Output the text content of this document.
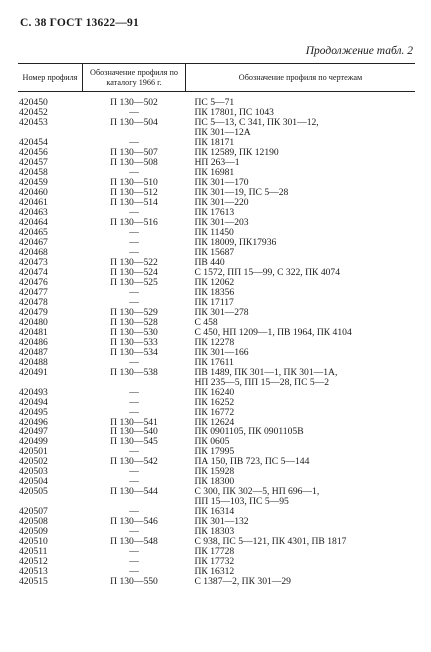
С. 38 ГОСТ 13622—91
Продолжение табл. 2
Номер профиля	Обозначение профиля по каталогу 1966 г.	Обозначение профиля по чертежам
420450	П 130—502	ПС 5—71
420452	—	ПК 17801, ПС 1043
420453	П 130—504	ПС 5—13, С 341, ПК 301—12,
		ПК 301—12А
420454	—	ПК 18171
420456	П 130—507	ПК 12589, ПК 12190
420457	П 130—508	НП 263—1
420458	—	ПК 16981
420459	П 130—510	ПК 301—170
420460	П 130—512	ПК 301—19, ПС 5—28
420461	П 130—514	ПК 301—220
420463	—	ПК 17613
420464	П 130—516	ПК 301—203
420465	—	ПК 11450
420467	—	ПК 18009, ПК17936
420468	—	ПК 15687
420473	П 130—522	ПВ 440
420474	П 130—524	С 1572, ПП 15—99, С 322, ПК 4074
420476	П 130—525	ПК 12062
420477	—	ПК 18356
420478	—	ПК 17117
420479	П 130—529	ПК 301—278
420480	П 130—528	С 458
420481	П 130—530	С 450, НП 1209—1, ПВ 1964, ПК 4104
420486	П 130—533	ПК 12278
420487	П 130—534	ПК 301—166
420488	—	ПК 17611
420491	П 130—538	ПВ 1489, ПК 301—1, ПК 301—1А,
		НП 235—5, ПП 15—28, ПС 5—2
420493	—	ПК 16240
420494	—	ПК 16252
420495	—	ПК 16772
420496	П 130—541	ПК 12624
420497	П 130—540	ПК 0901105, ПК 0901105В
420499	П 130—545	ПК 0605
420501	—	ПК 17995
420502	П 130—542	ПА 150, ПВ 723, ПС 5—144
420503	—	ПК 15928
420504	—	ПК 18300
420505	П 130—544	С 300, ПК 302—5, НП 696—1,
		ПП 15—103, ПС 5—95
420507	—	ПК 16314
420508	П 130—546	ПК 301—132
420509	—	ПК 18303
420510	П 130—548	С 938, ПС 5—121, ПК 4301, ПВ 1817
420511	—	ПК 17728
420512	—	ПК 17732
420513	—	ПК 16312
420515	П 130—550	С 1387—2, ПК 301—29
